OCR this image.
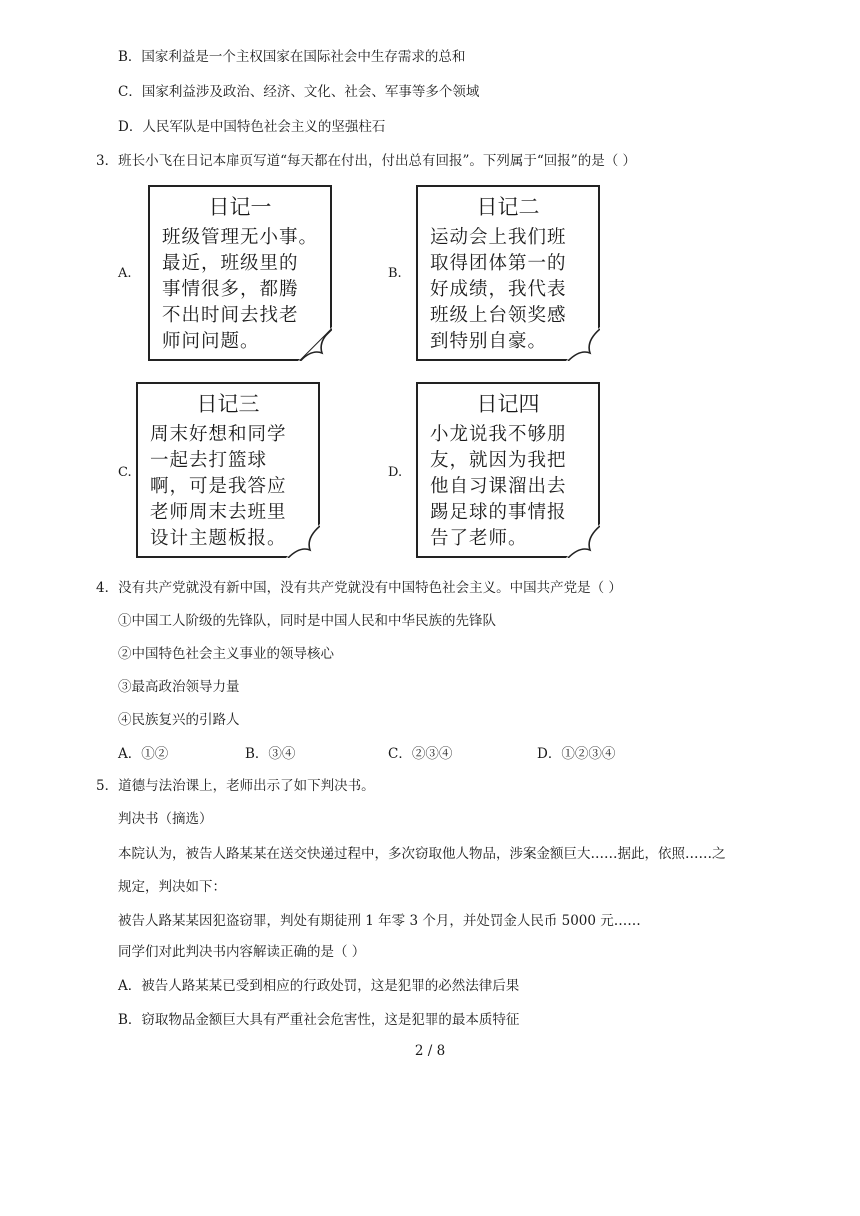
B．国家利益是一个主权国家在国际社会中生存需求的总和
C．国家利益涉及政治、经济、文化、社会、军事等多个领域
D．人民军队是中国特色社会主义的坚强柱石
3．班长小飞在日记本扉页写道“每天都在付出，付出总有回报”。下列属于“回报”的是（ ）
A.
日记一
班级管理无小事。
最近，班级里的
事情很多，都腾
不出时间去找老
师问问题。
B.
日记二
运动会上我们班
取得团体第一的
好成绩，我代表
班级上台领奖感
到特别自豪。
C.
日记三
周末好想和同学
一起去打篮球
啊，可是我答应
老师周末去班里
设计主题板报。
D.
日记四
小龙说我不够朋
友，就因为我把
他自习课溜出去
踢足球的事情报
告了老师。
4．没有共产党就没有新中国，没有共产党就没有中国特色社会主义。中国共产党是（ ）
①中国工人阶级的先锋队，同时是中国人民和中华民族的先锋队
②中国特色社会主义事业的领导核心
③最高政治领导力量
④民族复兴的引路人
A．①②	B．③④	C．②③④	D．①②③④
5．道德与法治课上，老师出示了如下判决书。
判决书（摘选）
本院认为，被告人路某某在送交快递过程中，多次窃取他人物品，涉案金额巨大……据此，依照……之
规定，判决如下：
被告人路某某因犯盗窃罪，判处有期徒刑 1 年零 3 个月，并处罚金人民币 5000 元……
同学们对此判决书内容解读正确的是（ ）
A．被告人路某某已受到相应的行政处罚，这是犯罪的必然法律后果
B．窃取物品金额巨大具有严重社会危害性，这是犯罪的最本质特征
2 / 8
